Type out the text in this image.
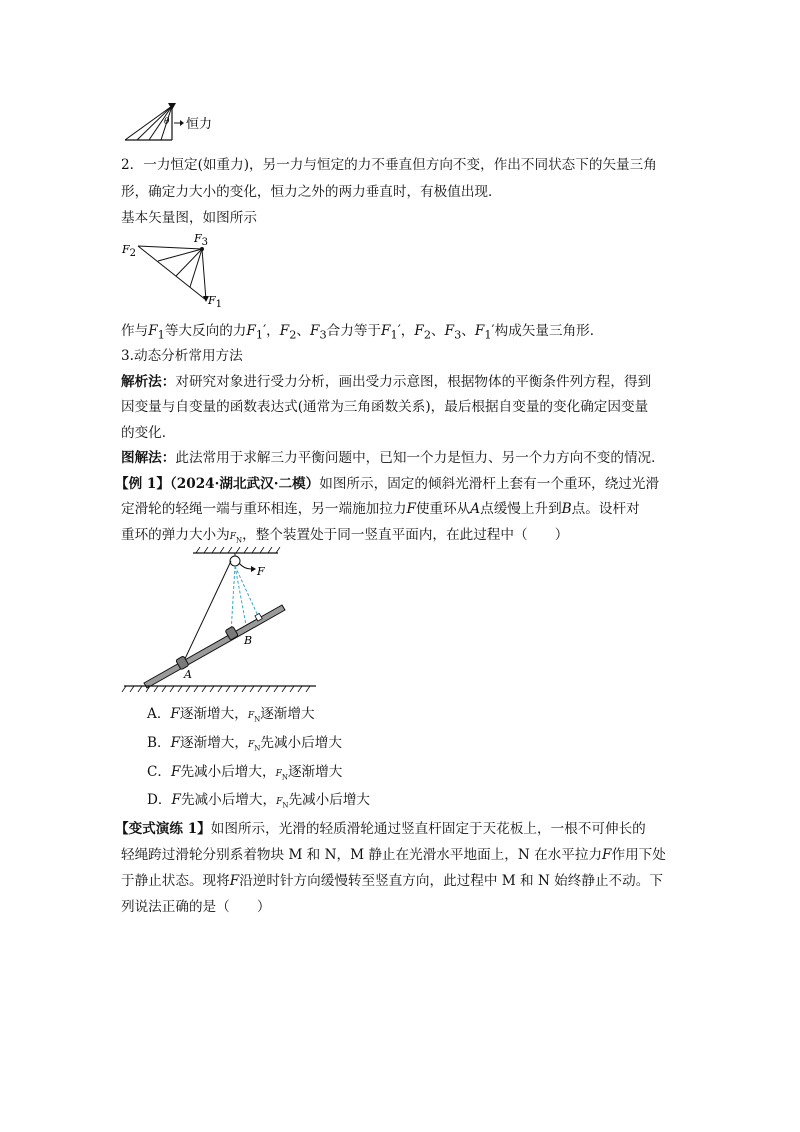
θ 恒力
2．一力恒定(如重力)，另一力与恒定的力不垂直但方向不变，作出不同状态下的矢量三角
形，确定力大小的变化，恒力之外的两力垂直时，有极值出现．
基本矢量图，如图所示
F2
F3
F1
作与$F_1$等大反向的力$F_1'$，$F_2$、$F_3$合力等于$F_1'$，$F_2$、$F_3$、$F_1'$构成矢量三角形．
3.动态分析常用方法
解析法：对研究对象进行受力分析，画出受力示意图，根据物体的平衡条件列方程，得到
因变量与自变量的函数表达式(通常为三角函数关系)，最后根据自变量的变化确定因变量
的变化．
图解法：此法常用于求解三力平衡问题中，已知一个力是恒力、另一个力方向不变的情况．
【例 1】（2024·湖北武汉·二模）如图所示，固定的倾斜光滑杆上套有一个重环，绕过光滑
定滑轮的轻绳一端与重环相连，另一端施加拉力F使重环从A点缓慢上升到B点。设杆对
重环的弹力大小为$F_N$，整个装置处于同一竖直平面内，在此过程中（　　）
F
A
B
A．F逐渐增大，$F_N$逐渐增大
B．F逐渐增大，$F_N$先减小后增大
C．F先减小后增大，$F_N$逐渐增大
D．F先减小后增大，$F_N$先减小后增大
【变式演练 1】如图所示，光滑的轻质滑轮通过竖直杆固定于天花板上，一根不可伸长的
轻绳跨过滑轮分别系着物块 M 和 N，M 静止在光滑水平地面上，N 在水平拉力F作用下处
于静止状态。现将F沿逆时针方向缓慢转至竖直方向，此过程中 M 和 N 始终静止不动。下
列说法正确的是（　　）
